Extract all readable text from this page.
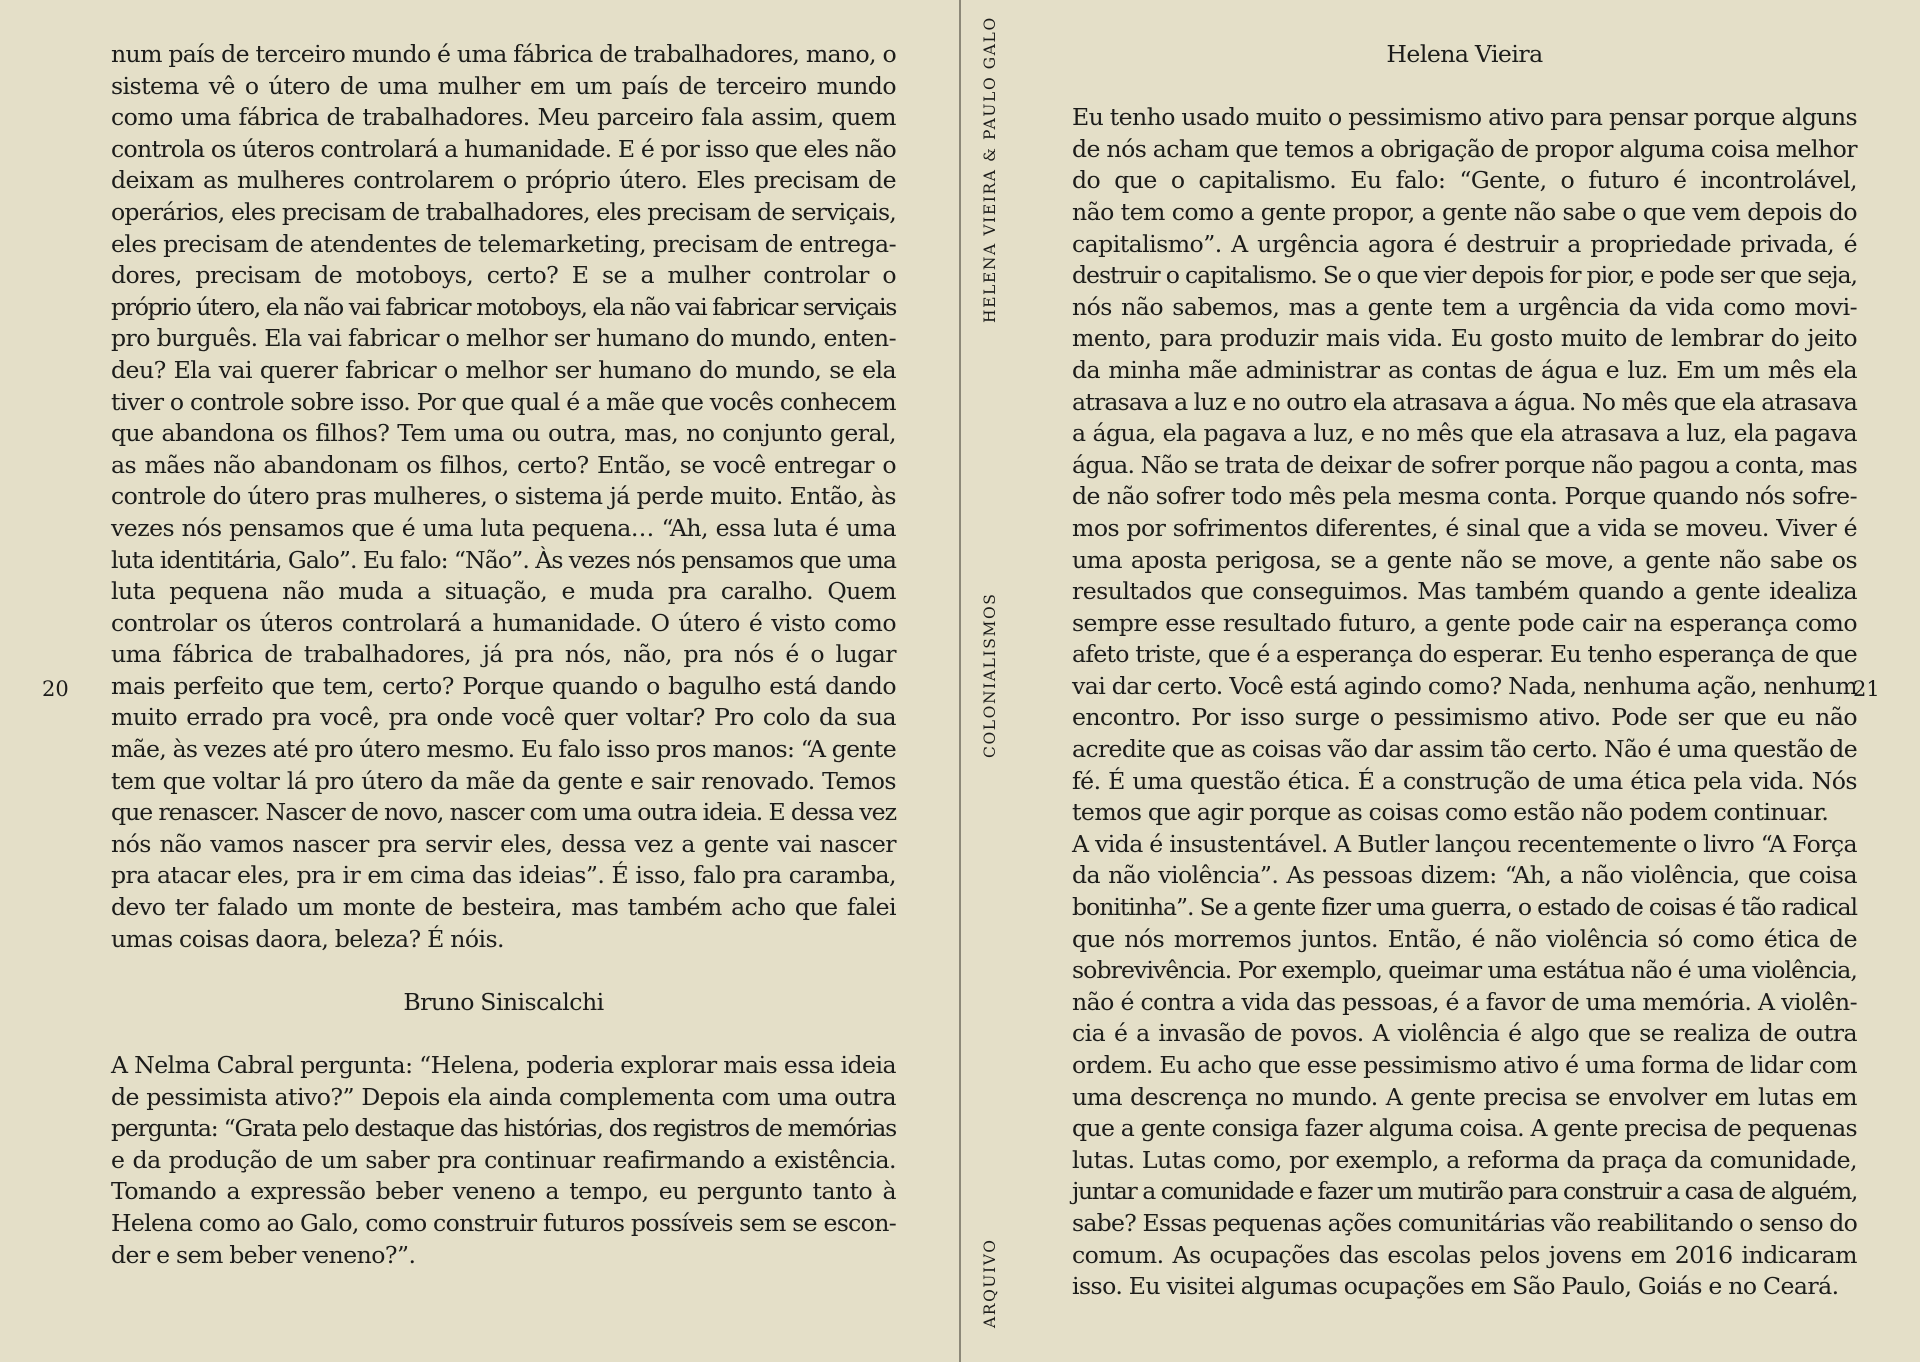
num país de terceiro mundo é uma fábrica de trabalhadores, mano, o
sistema vê o útero de uma mulher em um país de terceiro mundo
como uma fábrica de trabalhadores. Meu parceiro fala assim, quem
controla os úteros controlará a humanidade. E é por isso que eles não
deixam as mulheres controlarem o próprio útero. Eles precisam de
operários, eles precisam de trabalhadores, eles precisam de serviçais,
eles precisam de atendentes de telemarketing, precisam de entrega-
dores, precisam de motoboys, certo? E se a mulher controlar o
próprio útero, ela não vai fabricar motoboys, ela não vai fabricar serviçais
pro burguês. Ela vai fabricar o melhor ser humano do mundo, enten-
deu? Ela vai querer fabricar o melhor ser humano do mundo, se ela
tiver o controle sobre isso. Por que qual é a mãe que vocês conhecem
que abandona os filhos? Tem uma ou outra, mas, no conjunto geral,
as mães não abandonam os filhos, certo? Então, se você entregar o
controle do útero pras mulheres, o sistema já perde muito. Então, às
vezes nós pensamos que é uma luta pequena… “Ah, essa luta é uma
luta identitária, Galo”. Eu falo: “Não”. Às vezes nós pensamos que uma
luta pequena não muda a situação, e muda pra caralho. Quem
controlar os úteros controlará a humanidade. O útero é visto como
uma fábrica de trabalhadores, já pra nós, não, pra nós é o lugar
mais perfeito que tem, certo? Porque quando o bagulho está dando
muito errado pra você, pra onde você quer voltar? Pro colo da sua
mãe, às vezes até pro útero mesmo. Eu falo isso pros manos: “A gente
tem que voltar lá pro útero da mãe da gente e sair renovado. Temos
que renascer. Nascer de novo, nascer com uma outra ideia. E dessa vez
nós não vamos nascer pra servir eles, dessa vez a gente vai nascer
pra atacar eles, pra ir em cima das ideias”. É isso, falo pra caramba,
devo ter falado um monte de besteira, mas também acho que falei
umas coisas daora, beleza? É nóis.

Bruno Siniscalchi

A Nelma Cabral pergunta: “Helena, poderia explorar mais essa ideia
de pessimista ativo?” Depois ela ainda complementa com uma outra
pergunta: “Grata pelo destaque das histórias, dos registros de memórias
e da produção de um saber pra continuar reafirmando a existência.
Tomando a expressão beber veneno a tempo, eu pergunto tanto à
Helena como ao Galo, como construir futuros possíveis sem se escon-
der e sem beber veneno?”.

20

Helena Vieira

Eu tenho usado muito o pessimismo ativo para pensar porque alguns
de nós acham que temos a obrigação de propor alguma coisa melhor
do que o capitalismo. Eu falo: “Gente, o futuro é incontrolável,
não tem como a gente propor, a gente não sabe o que vem depois do
capitalismo”. A urgência agora é destruir a propriedade privada, é
destruir o capitalismo. Se o que vier depois for pior, e pode ser que seja,
nós não sabemos, mas a gente tem a urgência da vida como movi-
mento, para produzir mais vida. Eu gosto muito de lembrar do jeito
da minha mãe administrar as contas de água e luz. Em um mês ela
atrasava a luz e no outro ela atrasava a água. No mês que ela atrasava
a água, ela pagava a luz, e no mês que ela atrasava a luz, ela pagava
água. Não se trata de deixar de sofrer porque não pagou a conta, mas
de não sofrer todo mês pela mesma conta. Porque quando nós sofre-
mos por sofrimentos diferentes, é sinal que a vida se moveu. Viver é
uma aposta perigosa, se a gente não se move, a gente não sabe os
resultados que conseguimos. Mas também quando a gente idealiza
sempre esse resultado futuro, a gente pode cair na esperança como
afeto triste, que é a esperança do esperar. Eu tenho esperança de que
vai dar certo. Você está agindo como? Nada, nenhuma ação, nenhum
encontro. Por isso surge o pessimismo ativo. Pode ser que eu não
acredite que as coisas vão dar assim tão certo. Não é uma questão de
fé. É uma questão ética. É a construção de uma ética pela vida. Nós
temos que agir porque as coisas como estão não podem continuar.

A vida é insustentável. A Butler lançou recentemente o livro “A Força
da não violência”. As pessoas dizem: “Ah, a não violência, que coisa
bonitinha”. Se a gente fizer uma guerra, o estado de coisas é tão radical
que nós morremos juntos. Então, é não violência só como ética de
sobrevivência. Por exemplo, queimar uma estátua não é uma violência,
não é contra a vida das pessoas, é a favor de uma memória. A violên-
cia é a invasão de povos. A violência é algo que se realiza de outra
ordem. Eu acho que esse pessimismo ativo é uma forma de lidar com
uma descrença no mundo. A gente precisa se envolver em lutas em
que a gente consiga fazer alguma coisa. A gente precisa de pequenas
lutas. Lutas como, por exemplo, a reforma da praça da comunidade,
juntar a comunidade e fazer um mutirão para construir a casa de alguém,
sabe? Essas pequenas ações comunitárias vão reabilitando o senso do
comum. As ocupações das escolas pelos jovens em 2016 indicaram
isso. Eu visitei algumas ocupações em São Paulo, Goiás e no Ceará.

21
HELENA VIEIRA & PAULO GALO
COLONIALISMOS
ARQUIVO
